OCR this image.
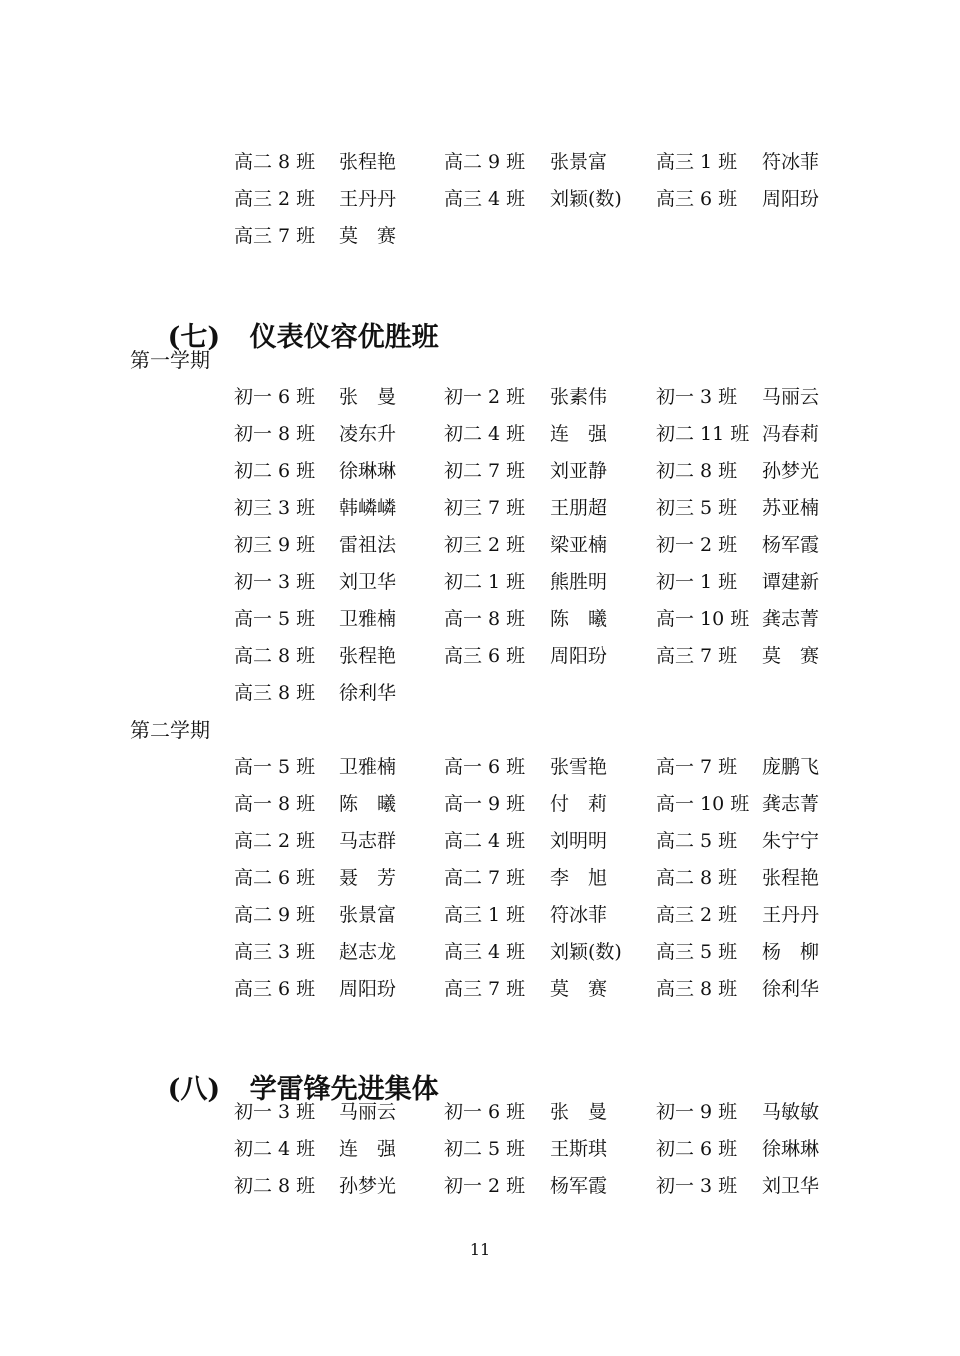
高二 8 班 张程艳	高二 9 班 张景富	高三 1 班 符冰菲
高三 2 班 王丹丹	高三 4 班 刘颖(数) 高三 6 班 周阳玢
高三 7 班 莫　赛

(七) 仪表仪容优胜班

第一学期
初一 6 班 张　曼	初一 2 班 张素伟	初一 3 班 马丽云
初一 8 班 凌东升	初二 4 班 连　强	初二 11 班 冯春莉
初二 6 班 徐琳琳	初二 7 班 刘亚静	初二 8 班 孙梦光
初三 3 班 韩嶙嶙	初三 7 班 王朋超	初三 5 班 苏亚楠
初三 9 班 雷祖法	初三 2 班 梁亚楠	初一 2 班 杨军霞
初一 3 班 刘卫华	初二 1 班 熊胜明	初一 1 班 谭建新
高一 5 班 卫雅楠	高一 8 班 陈　曦	高一 10 班 龚志菁
高二 8 班 张程艳	高三 6 班 周阳玢	高三 7 班 莫　赛
高三 8 班 徐利华
第二学期
高一 5 班 卫雅楠	高一 6 班 张雪艳	高一 7 班 庞鹏飞
高一 8 班 陈　曦	高一 9 班 付　莉	高一 10 班 龚志菁
高二 2 班 马志群	高二 4 班 刘明明	高二 5 班 朱宁宁
高二 6 班 聂　芳	高二 7 班 李　旭	高二 8 班 张程艳
高二 9 班 张景富	高三 1 班 符冰菲	高三 2 班 王丹丹
高三 3 班 赵志龙	高三 4 班 刘颖(数) 高三 5 班 杨　柳
高三 6 班 周阳玢	高三 7 班 莫　赛	高三 8 班 徐利华

(八) 学雷锋先进集体

初一 3 班 马丽云	初一 6 班 张　曼	初一 9 班 马敏敏
初二 4 班 连　强	初二 5 班 王斯琪	初二 6 班 徐琳琳
初二 8 班 孙梦光	初一 2 班 杨军霞	初一 3 班 刘卫华
11
